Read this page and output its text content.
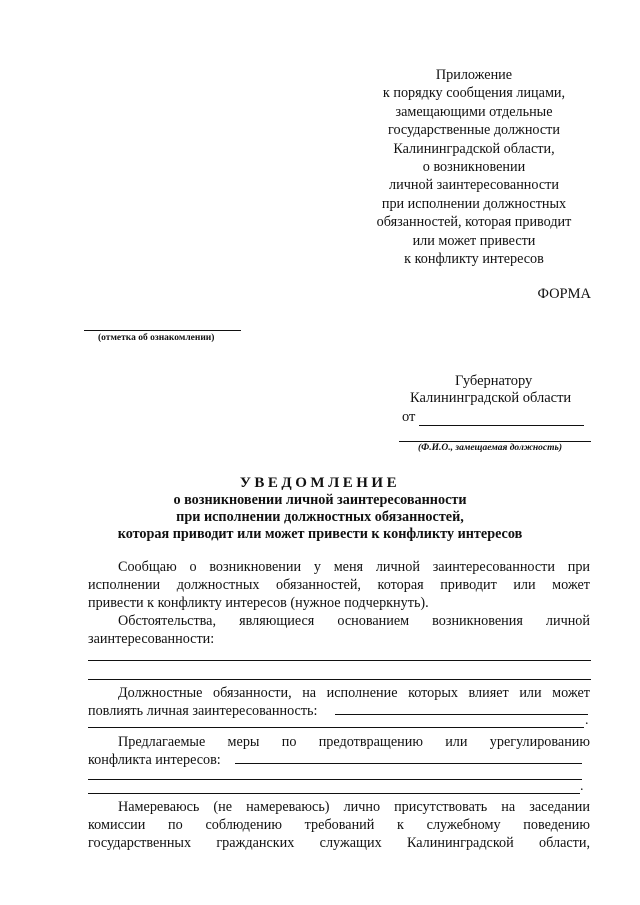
Приложение
к порядку сообщения лицами,
замещающими отдельные
государственные должности
Калининградской области,
о возникновении
личной заинтересованности
при исполнении должностных
обязанностей, которая приводит
или может привести
к конфликту интересов
ФОРМА
(отметка об ознакомлении)
Губернатору
Калининградской области
от
(Ф.И.О., замещаемая должность)
УВЕДОМЛЕНИЕ
о возникновении личной заинтересованности
при исполнении должностных обязанностей,
которая приводит или может привести к конфликту интересов
Сообщаю о возникновении у меня личной заинтересованности при
исполнении должностных обязанностей, которая приводит или может
привести к конфликту интересов (нужное подчеркнуть).
Обстоятельства, являющиеся основанием возникновения личной
заинтересованности:
Должностные обязанности, на исполнение которых влияет или может
повлиять личная заинтересованность:
.
Предлагаемые меры по предотвращению или урегулированию
конфликта интересов:
.
Намереваюсь (не намереваюсь) лично присутствовать на заседании
комиссии по соблюдению требований к служебному поведению
государственных гражданских служащих Калининградской области,
